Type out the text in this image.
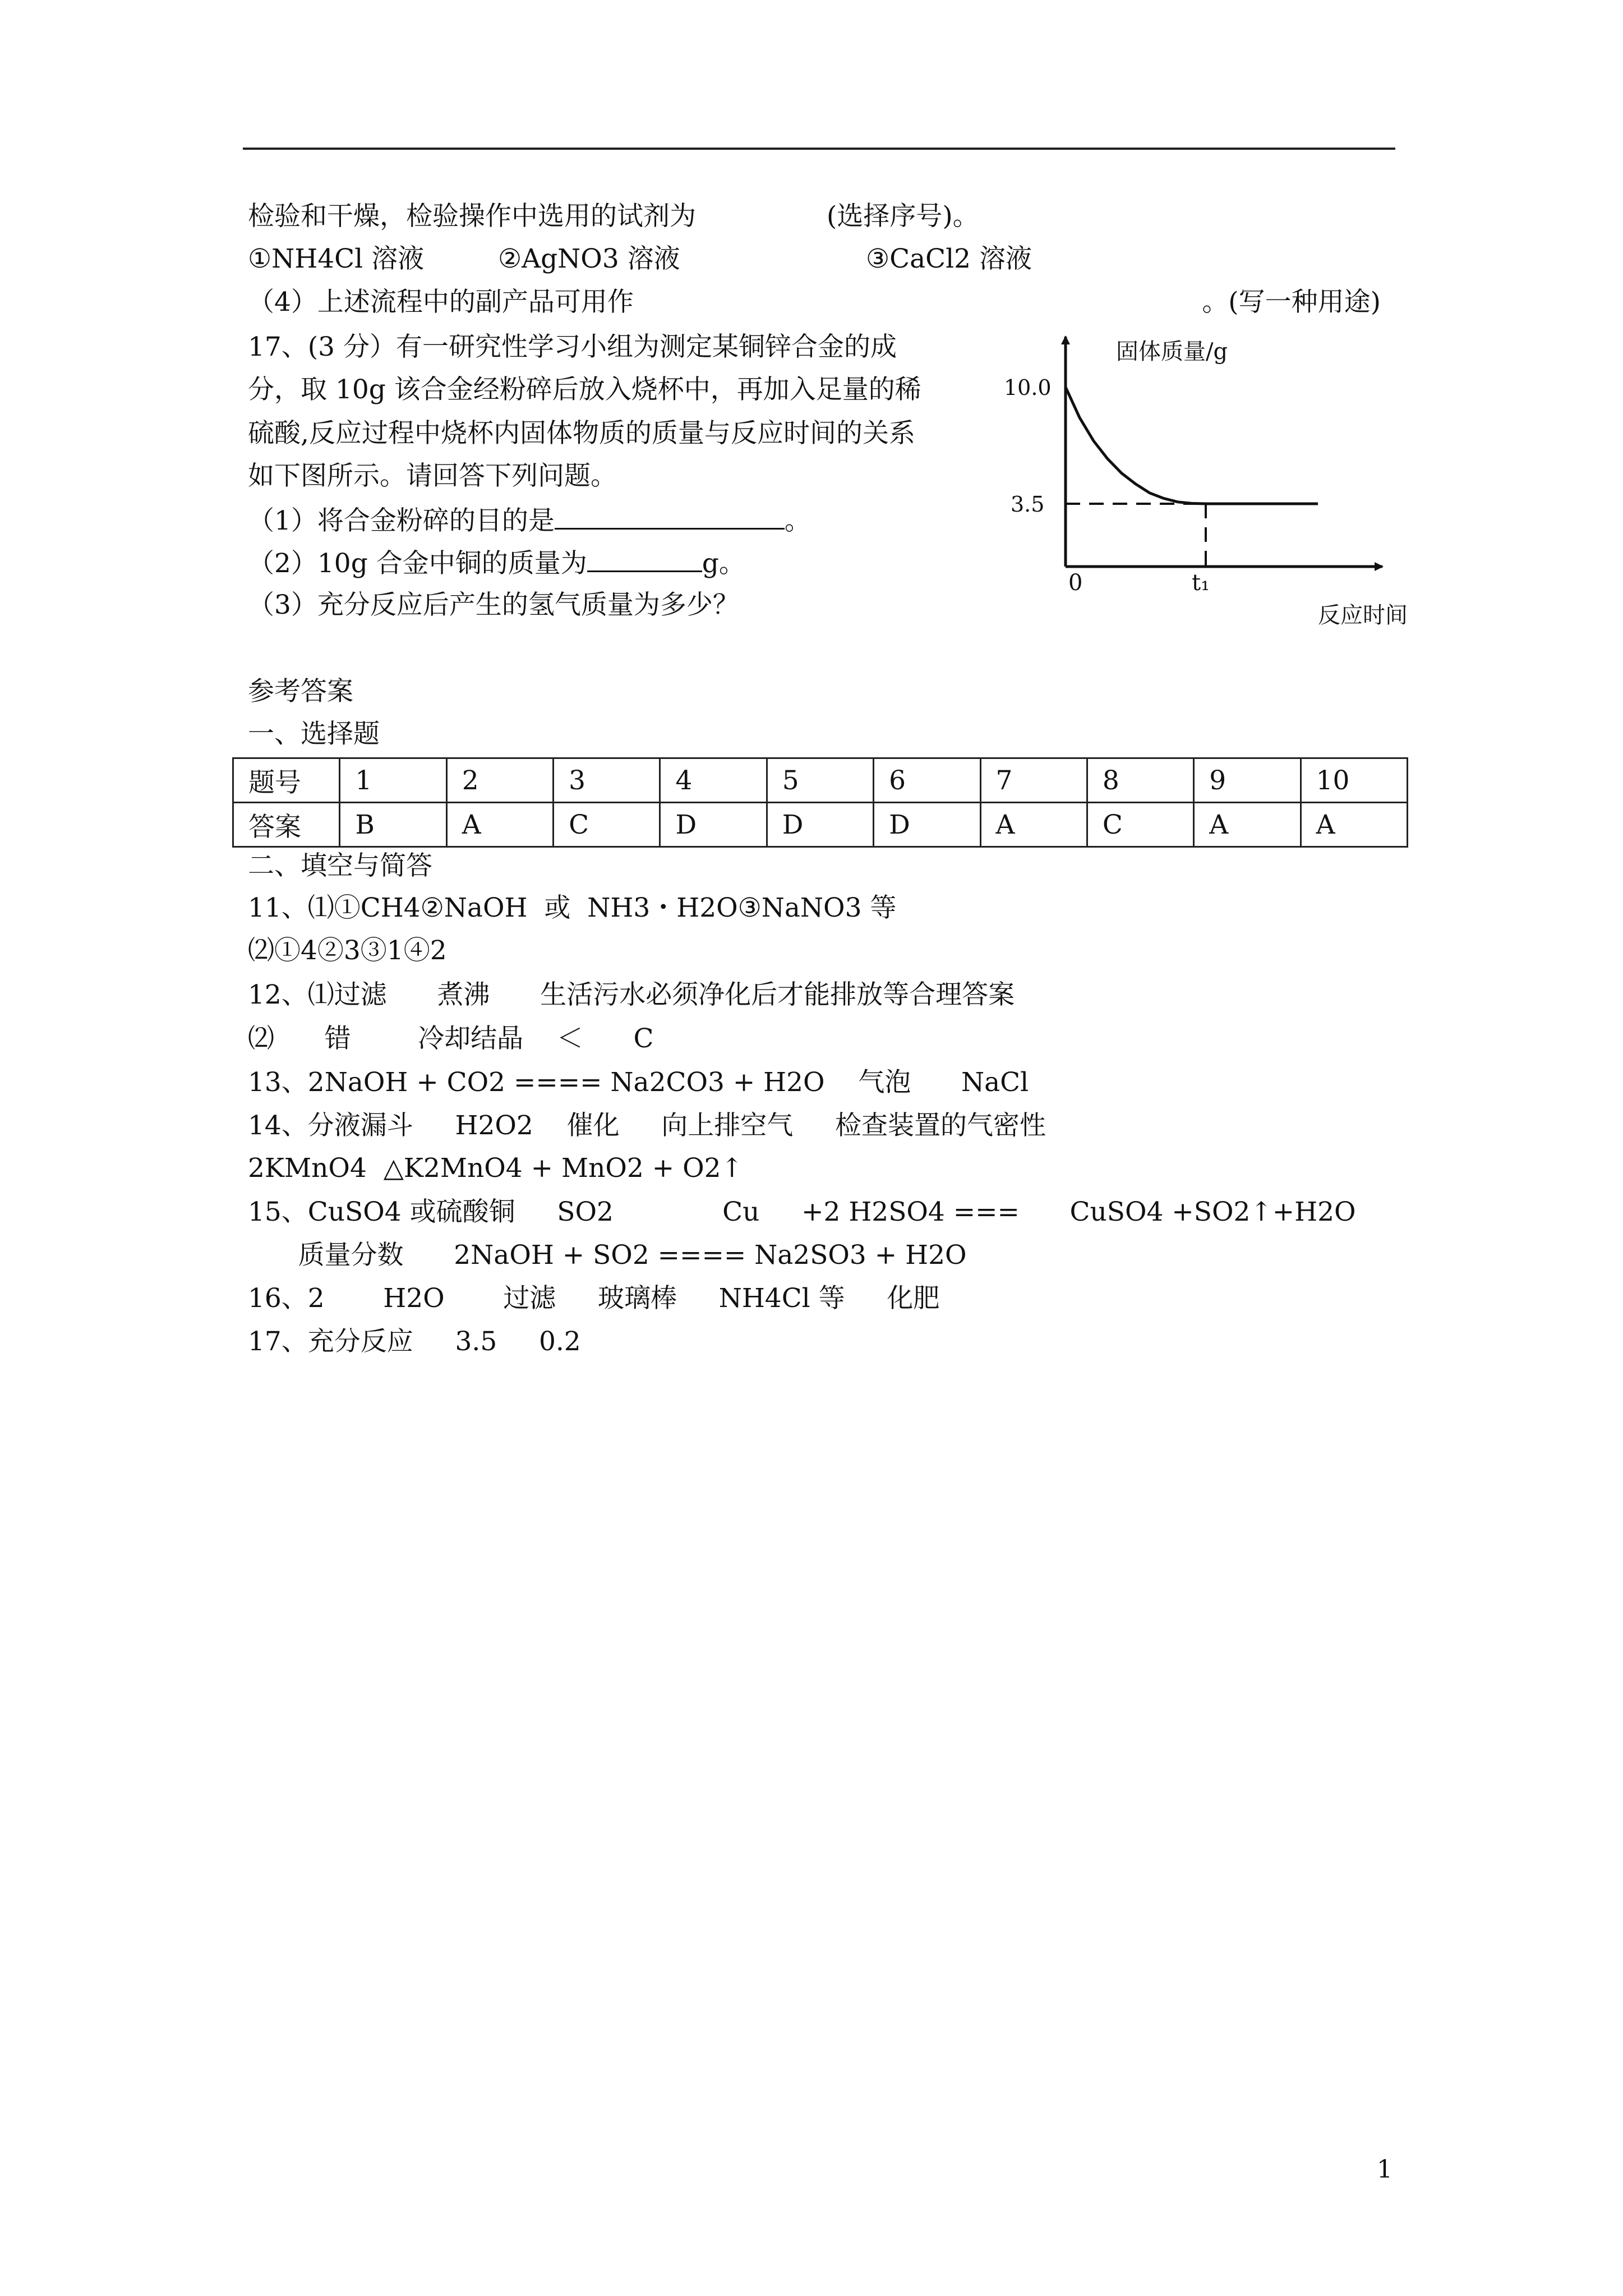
检验和干燥，检验操作中选用的试剂为	(选择序号)。
①NH4Cl 溶液	②AgNO3 溶液	③CaCl2 溶液

（4）上述流程中的副产品可用作	。(写一种用途)
17、(3 分）有一研究性学习小组为测定某铜锌合金的成
分，取 10g 该合金经粉碎后放入烧杯中，再加入足量的稀
硫酸,反应过程中烧杯内固体物质的质量与反应时间的关系
如下图所示。请回答下列问题。
（1）将合金粉碎的目的是	。
（2）10g 合金中铜的质量为	g。
（3）充分反应后产生的氢气质量为多少？
固体质量/g
反应时间
10.0
3.5
0	t₁
参考答案
一、选择题
题号	1	2	3	4	5	6	7	8	9	10
答案	B	A	C	D	D	D	A	C	A	A
二、填空与简答
11、⑴①CH4②NaOH  或  NH3・H2O③NaNO3 等
⑵①4②3③1④2
12、⑴过滤      煮沸      生活污水必须净化后才能排放等合理答案
⑵      错        冷却结晶    ＜      C
13、2NaOH + CO2 ==== Na2CO3 + H2O    气泡      NaCl
14、分液漏斗     H2O2    催化     向上排空气     检查装置的气密性
2KMnO4  △K2MnO4 + MnO2 + O2↑
15、CuSO4 或硫酸铜     SO2             Cu     +2 H2SO4 ===      CuSO4 +SO2↑+H2O
质量分数      2NaOH + SO2 ==== Na2SO3 + H2O
16、2       H2O       过滤     玻璃棒     NH4Cl 等     化肥
17、充分反应     3.5     0.2
1
